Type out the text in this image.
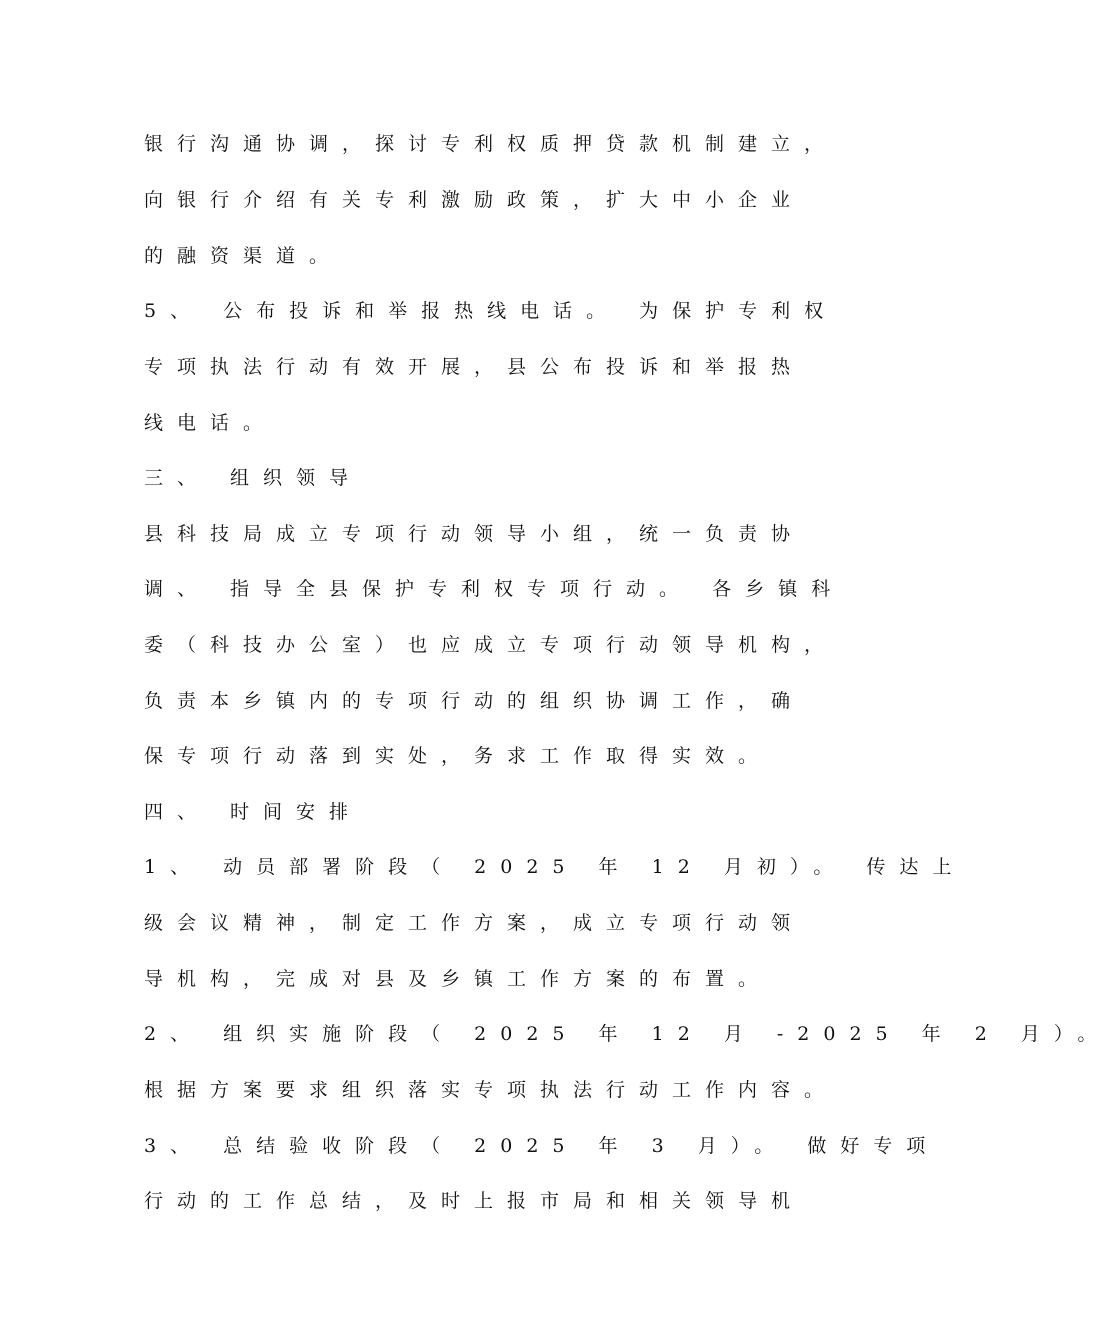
银行沟通协调，探讨专利权质押贷款机制建立，

向银行介绍有关专利激励政策，扩大中小企业

的融资渠道。

5、 公布投诉和举报热线电话。 为保护专利权

专项执法行动有效开展，县公布投诉和举报热

线电话。

三、 组织领导

县科技局成立专项行动领导小组，统一负责协

调、 指导全县保护专利权专项行动。 各乡镇科

委（科技办公室）也应成立专项行动领导机构，

负责本乡镇内的专项行动的组织协调工作，确

保专项行动落到实处，务求工作取得实效。

四、 时间安排

1、 动员部署阶段（ 2025 年 12 月初）。 传达上

级会议精神，制定工作方案，成立专项行动领

导机构，完成对县及乡镇工作方案的布置。

2、 组织实施阶段（ 2025 年 12 月 -2025 年 2 月）。

根据方案要求组织落实专项执法行动工作内容。

3、 总结验收阶段（ 2025 年 3 月）。 做好专项

行动的工作总结，及时上报市局和相关领导机
